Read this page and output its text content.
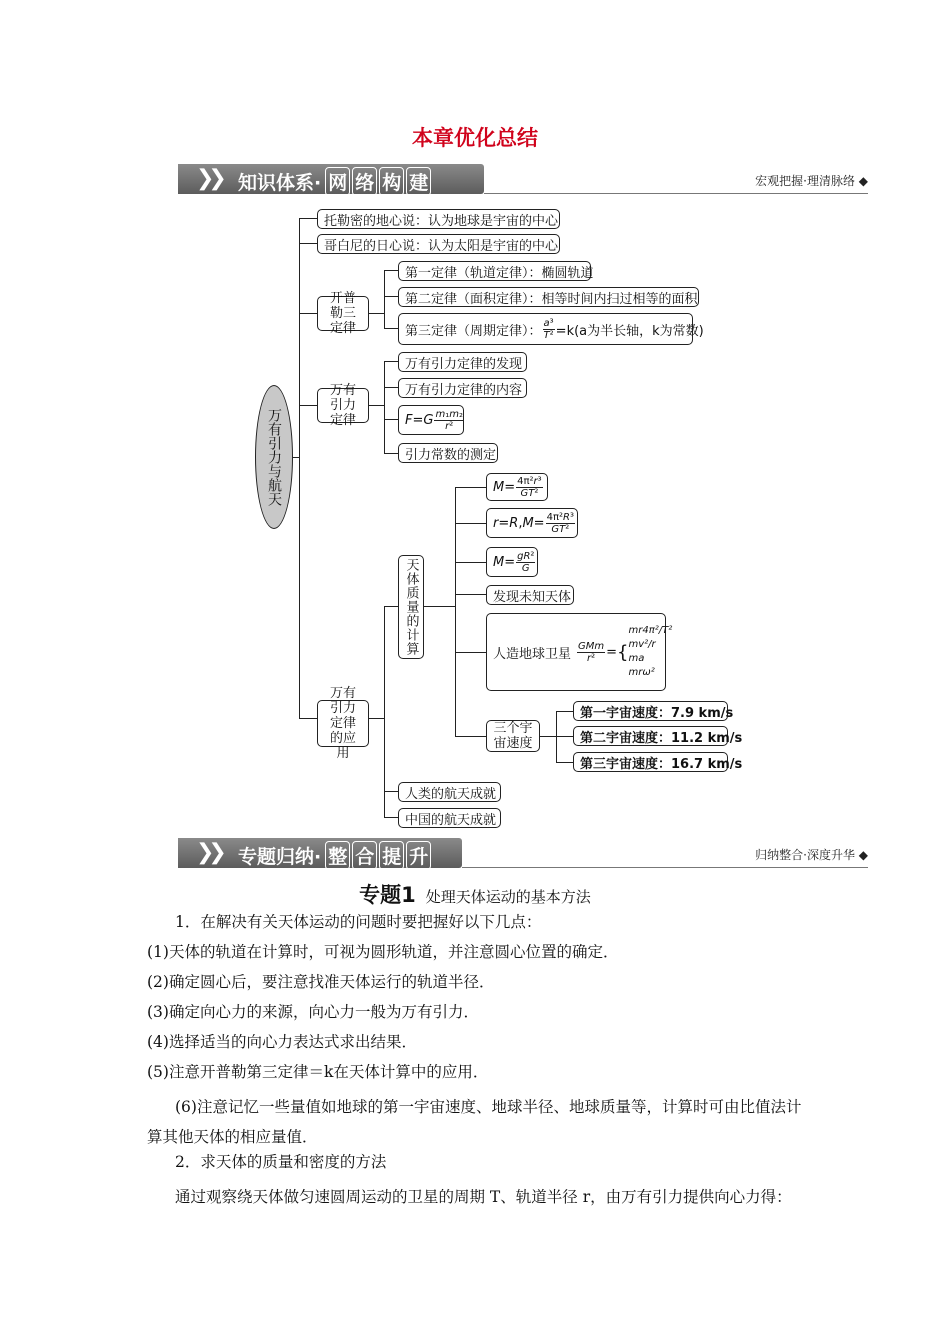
本章优化总结
❯❯ 知识体系· 网 络 构 建	宏观把握·理清脉络 ◆
万有引力与航天
托勒密的地心说：认为地球是宇宙的中心
哥白尼的日心说：认为太阳是宇宙的中心
开普勒三定律
第一定律（轨道定律）：椭圆轨道
第二定律（面积定律）：相等时间内扫过相等的面积
第三定律（周期定律）： $\frac{\text{a³}}{\text{T²}} =k(a$为半长轴，k为常数)
万有引力定律
万有引力定律的发现
万有引力定律的内容
F = G $\frac{\text{m₁m₂}}{\text{r²}}$
引力常数的测定
天体质量的计算
$M = \frac{\text{4π²r³}}{\text{GT²}}$
r = R , $M = \frac{\text{4π²R³}}{\text{GT²}}$
$M = \frac{\text{gR²}}{G}$
发现未知天体
人造地球卫星 $\frac{\text{GMm}}{\text{r²}}$ = {
mr4π²/T²
mv²/r
ma
mrω²
三个宇宙速度
第一宇宙速度：7.9 km/s
第二宇宙速度：11.2 km/s
第三宇宙速度：16.7 km/s
万有引力定律的应用
人类的航天成就
中国的航天成就
❯❯ 专题归纳· 整 合 提 升	归纳整合·深度升华 ◆
专题1 处理天体运动的基本方法
1．在解决有关天体运动的问题时要把握好以下几点：
(1)天体的轨道在计算时，可视为圆形轨道，并注意圆心位置的确定．
(2)确定圆心后，要注意找准天体运行的轨道半径．
(3)确定向心力的来源，向心力一般为万有引力．
(4)选择适当的向心力表达式求出结果．
(5)注意开普勒第三定律＝k在天体计算中的应用．
(6)注意记忆一些量值如地球的第一宇宙速度、地球半径、地球质量等，计算时可由比值法计算其他天体的相应量值．
2．求天体的质量和密度的方法
通过观察绕天体做匀速圆周运动的卫星的周期 T、轨道半径 r，由万有引力提供向心力得：
